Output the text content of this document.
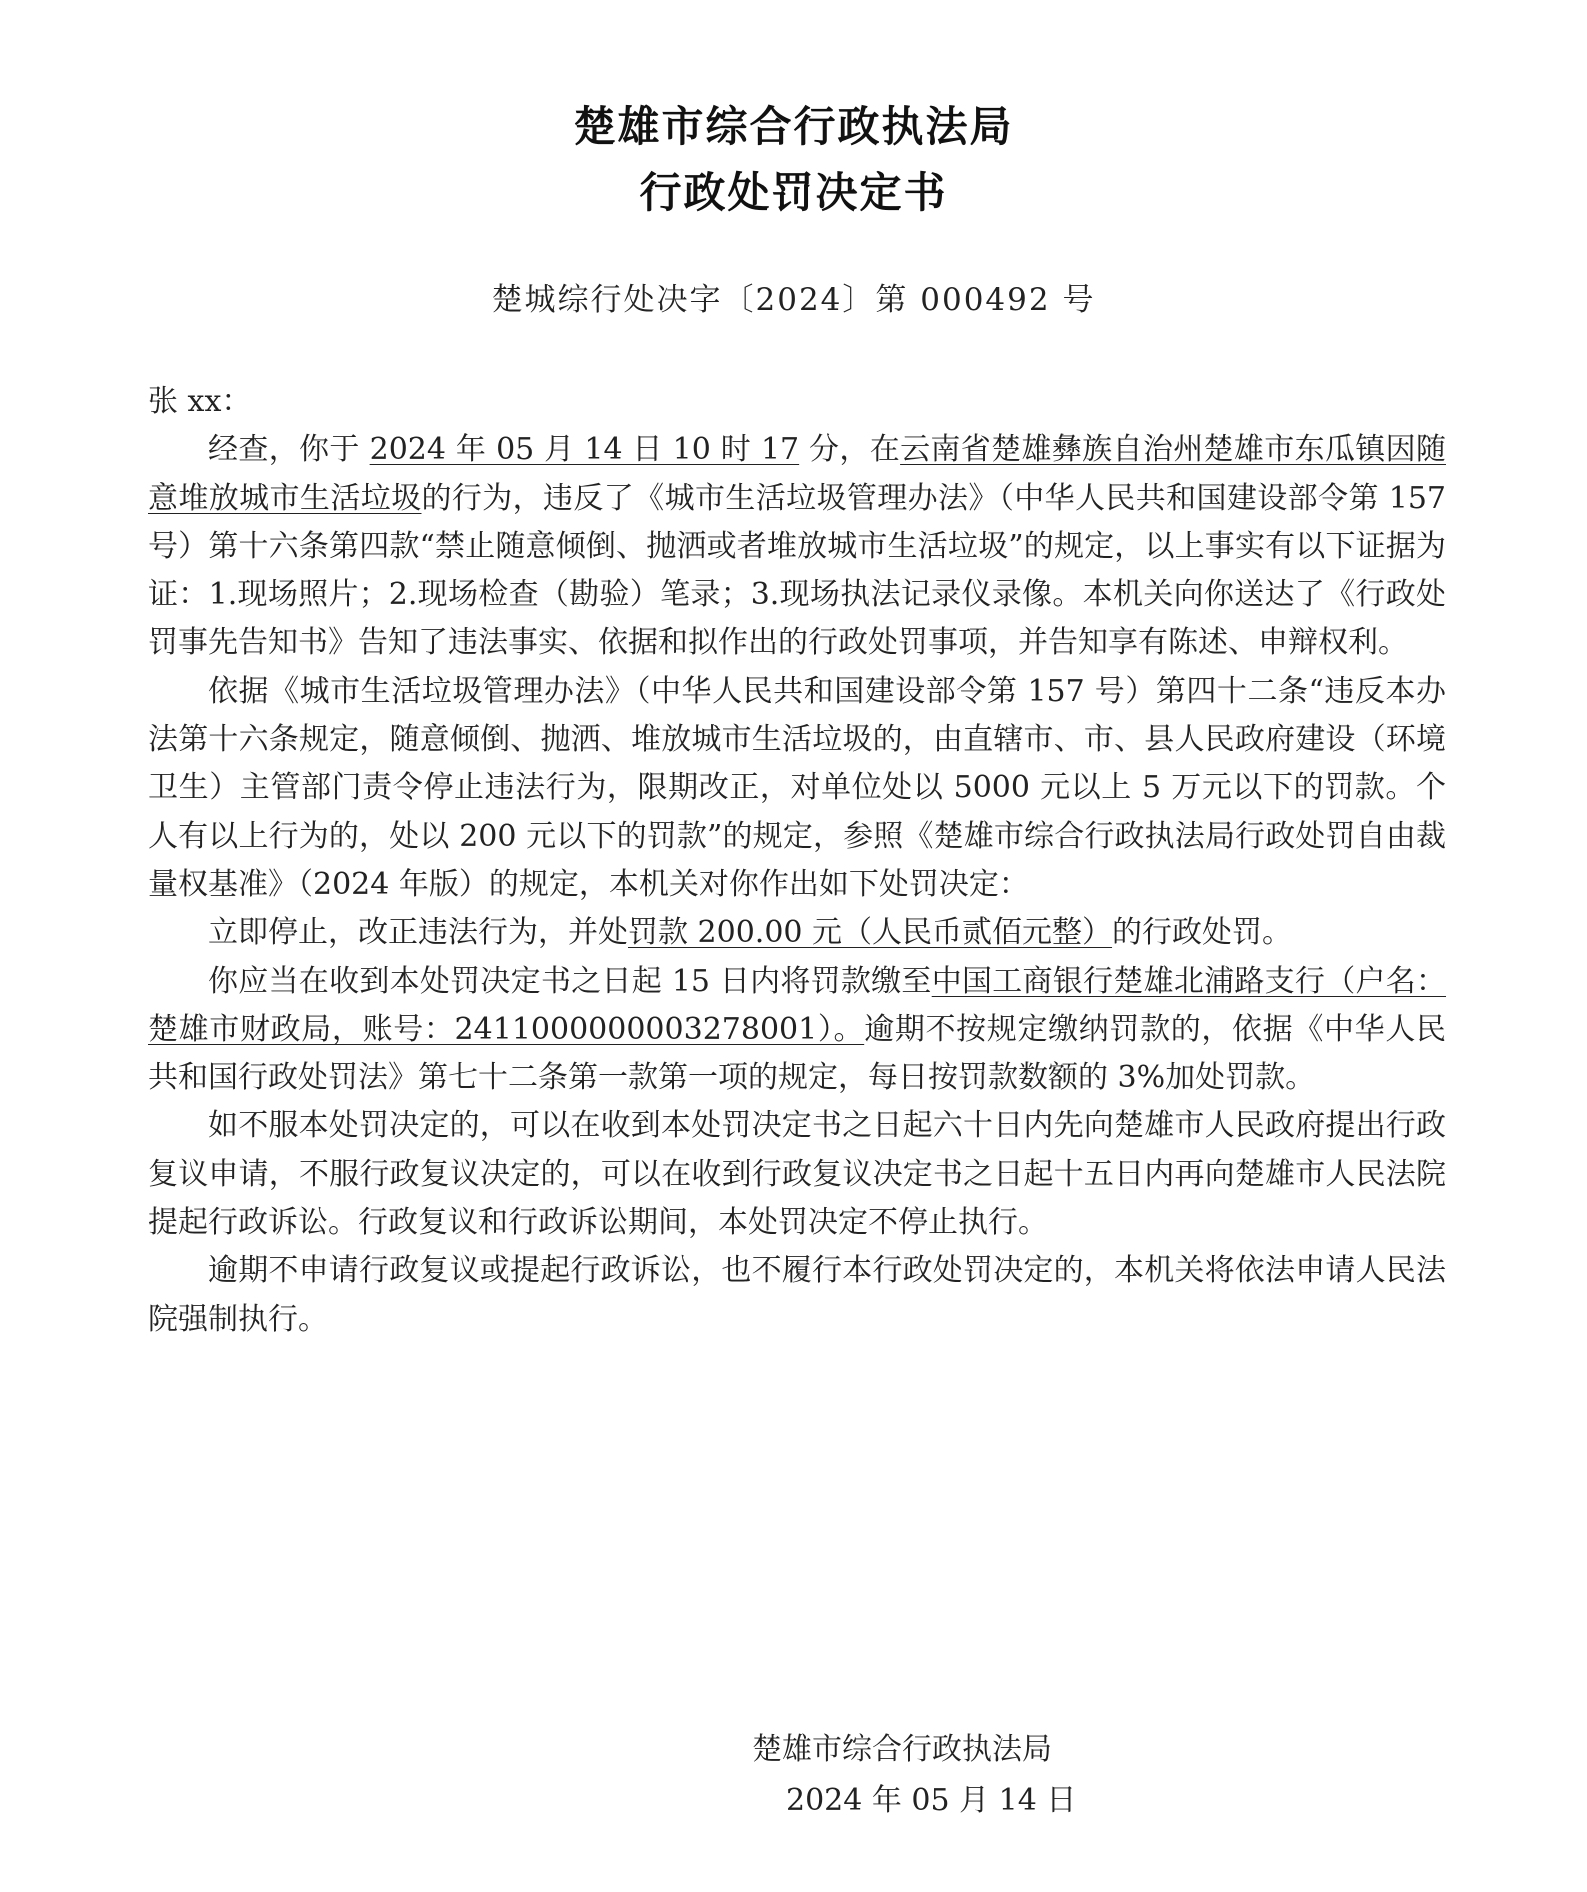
楚雄市综合行政执法局
行政处罚决定书
楚城综行处决字〔2024〕第 000492 号

张 xx：

经查，你于 2024 年 05 月 14 日 10 时 17 分，在云南省楚雄彝族自治州楚雄市东瓜镇因随意堆放城市生活垃圾的行为，违反了《城市生活垃圾管理办法》（中华人民共和国建设部令第 157 号）第十六条第四款“禁止随意倾倒、抛洒或者堆放城市生活垃圾”的规定，以上事实有以下证据为证：1.现场照片；2.现场检查（勘验）笔录；3.现场执法记录仪录像。本机关向你送达了《行政处罚事先告知书》告知了违法事实、依据和拟作出的行政处罚事项，并告知享有陈述、申辩权利。

依据《城市生活垃圾管理办法》（中华人民共和国建设部令第 157 号）第四十二条“违反本办法第十六条规定，随意倾倒、抛洒、堆放城市生活垃圾的，由直辖市、市、县人民政府建设（环境卫生）主管部门责令停止违法行为，限期改正，对单位处以 5000 元以上 5 万元以下的罚款。个人有以上行为的，处以 200 元以下的罚款”的规定，参照《楚雄市综合行政执法局行政处罚自由裁量权基准》（2024 年版）的规定，本机关对你作出如下处罚决定：

立即停止，改正违法行为，并处罚款 200.00 元（人民币贰佰元整）的行政处罚。

你应当在收到本处罚决定书之日起 15 日内将罚款缴至中国工商银行楚雄北浦路支行（户名：楚雄市财政局，账号：2411000000003278001）。逾期不按规定缴纳罚款的，依据《中华人民共和国行政处罚法》第七十二条第一款第一项的规定，每日按罚款数额的 3%加处罚款。

如不服本处罚决定的，可以在收到本处罚决定书之日起六十日内先向楚雄市人民政府提出行政复议申请，不服行政复议决定的，可以在收到行政复议决定书之日起十五日内再向楚雄市人民法院提起行政诉讼。行政复议和行政诉讼期间，本处罚决定不停止执行。

逾期不申请行政复议或提起行政诉讼，也不履行本行政处罚决定的，本机关将依法申请人民法院强制执行。

楚雄市综合行政执法局
2024 年 05 月 14 日
